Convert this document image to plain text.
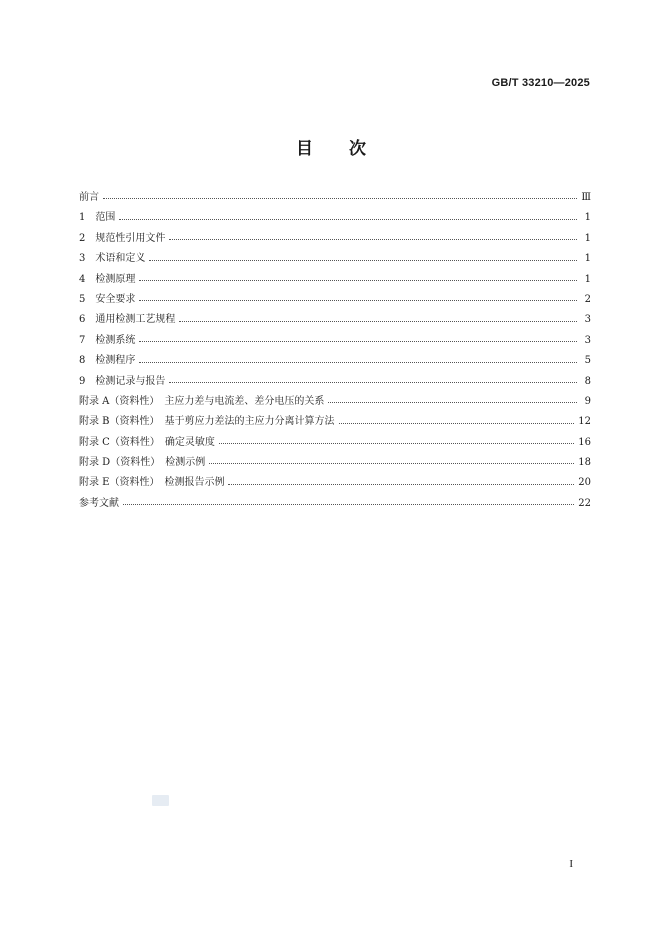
GB/T 33210—2025
目 次
前言	Ⅲ
1　范围	1
2　规范性引用文件	1
3　术语和定义	1
4　检测原理	1
5　安全要求	2
6　通用检测工艺规程	3
7　检测系统	3
8　检测程序	5
9　检测记录与报告	8
附录 A（资料性）　主应力差与电流差、差分电压的关系	9
附录 B（资料性）　基于剪应力差法的主应力分离计算方法	12
附录 C（资料性）　确定灵敏度	16
附录 D（资料性）　检测示例	18
附录 E（资料性）　检测报告示例	20
参考文献	22
I
